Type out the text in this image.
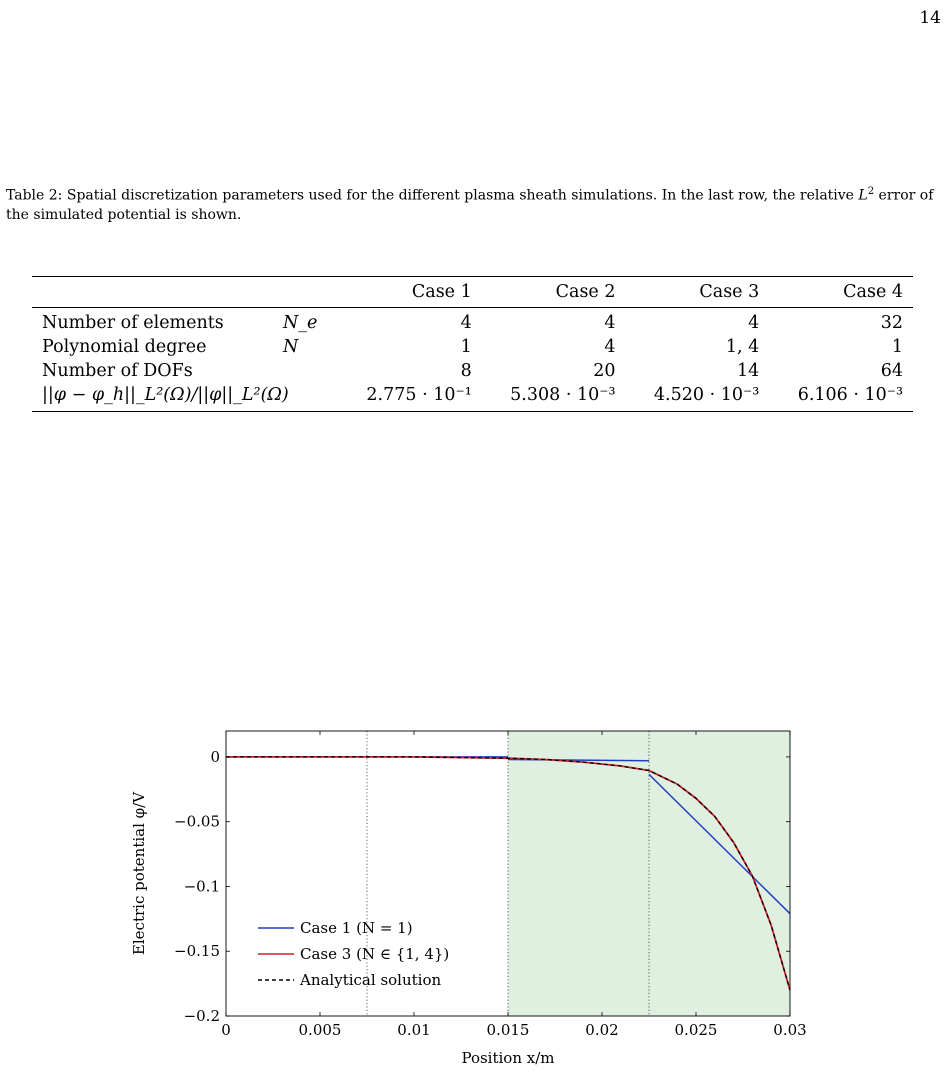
14
Table 2: Spatial discretization parameters used for the different plasma sheath simulations. In the last row, the relative $L^2$ error of the simulated potential is shown.
		Case 1	Case 2	Case 3	Case 4
Number of elements	N_e	4	4	4	32
Polynomial degree	N	1	4	1, 4	1
Number of DOFs		8	20	14	64
||φ − φ_h||_L²(Ω)/||φ||_L²(Ω)		2.775 · 10⁻¹	5.308 · 10⁻³	4.520 · 10⁻³	6.106 · 10⁻³
0	0.005	0.01	0.015	0.02	0.025	0.03
0
−0.05
−0.1
−0.15
−0.2
Position x/m
Electric potential φ/V	Case 1 (N = 1)
Case 3 (N ∈ {1, 4})
Analytical solution
